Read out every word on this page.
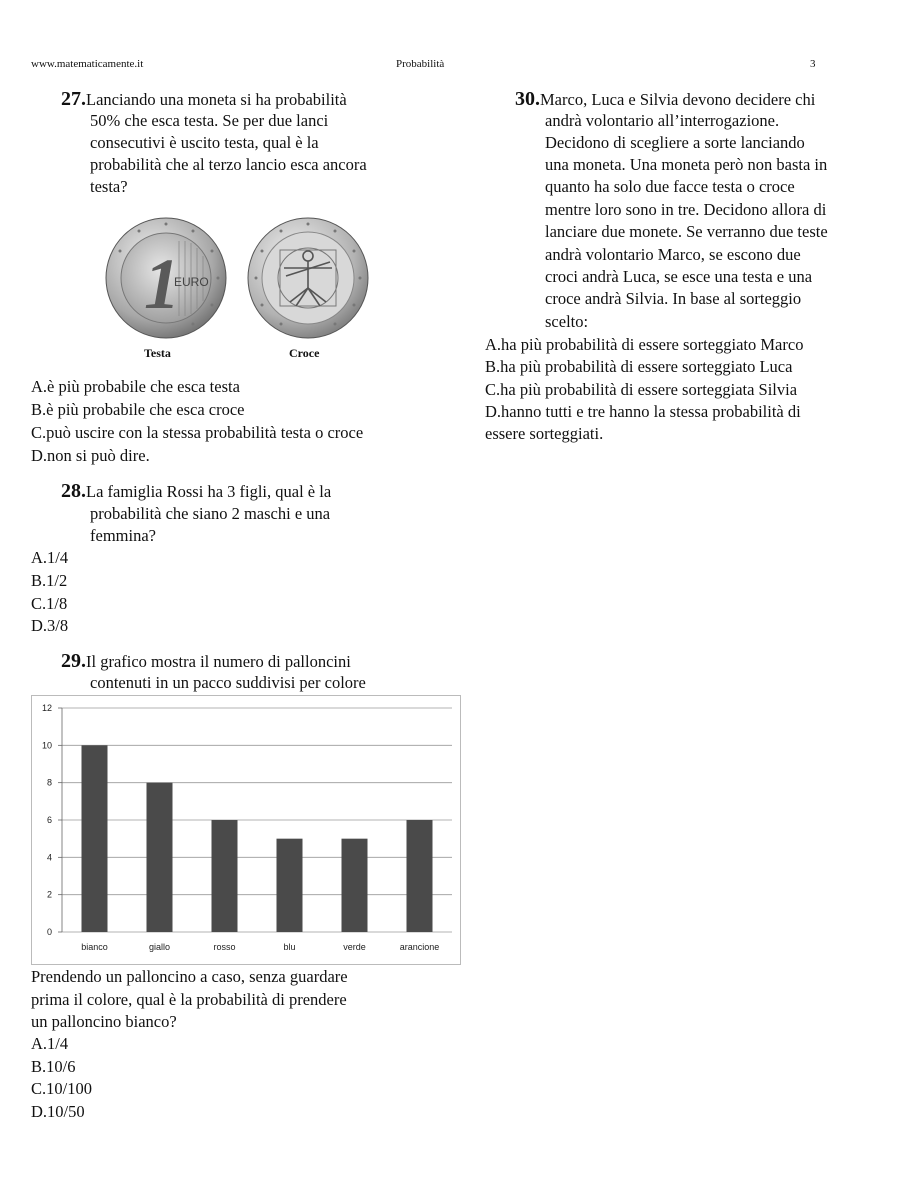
www.matematicamente.it	Probabilità	3
27.Lanciando una moneta si ha probabilità
50% che esca testa. Se per due lanci
consecutivi è uscito testa, qual è la
probabilità che al terzo lancio esca ancora
testa?
1
EURO
Testa	Croce
A.è più probabile che esca testa
B.è più probabile che esca croce
C.può uscire con la stessa probabilità testa o croce
D.non si può dire.
28.La famiglia Rossi ha 3 figli, qual è la
probabilità che siano 2 maschi e una
femmina?
A.1/4
B.1/2
C.1/8
D.3/8
29.Il grafico mostra il numero di palloncini
contenuti in un pacco suddivisi per colore
0
2
4
6
8
10
12
bianco	giallo	rosso	blu	verde	arancione
Prendendo un palloncino a caso, senza guardare
prima il colore, qual è la probabilità di prendere
un palloncino bianco?
A.1/4
B.10/6
C.10/100
D.10/50
30.Marco, Luca e Silvia devono decidere chi
andrà volontario all’interrogazione.
Decidono di scegliere a sorte lanciando
una moneta. Una moneta però non basta in
quanto ha solo due facce testa o croce
mentre loro sono in tre. Decidono allora di
lanciare due monete. Se verranno due teste
andrà volontario Marco, se escono due
croci andrà Luca, se esce una testa e una
croce andrà Silvia. In base al sorteggio
scelto:
A.ha più probabilità di essere sorteggiato Marco
B.ha più probabilità di essere sorteggiato Luca
C.ha più probabilità di essere sorteggiata Silvia
D.hanno tutti e tre hanno la stessa probabilità di
essere sorteggiati.
